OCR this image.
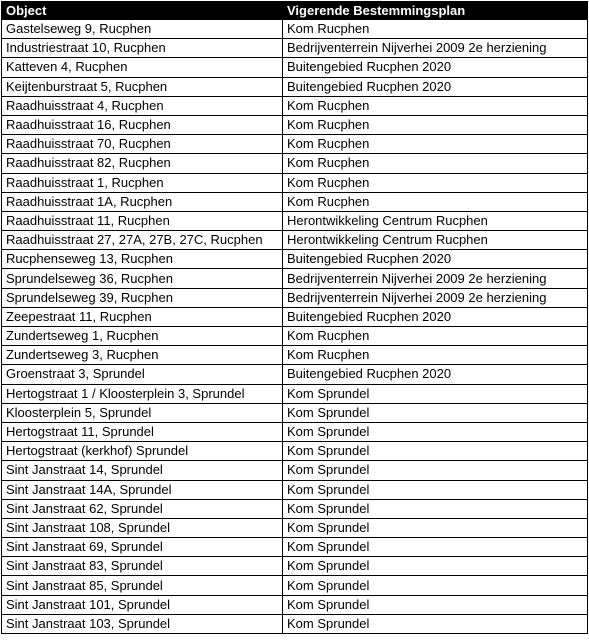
Object	Vigerende Bestemmingsplan
Gastelseweg 9, Rucphen	Kom Rucphen
Industriestraat 10, Rucphen	Bedrijventerrein Nijverhei 2009 2e herziening
Katteven 4, Rucphen	Buitengebied Rucphen 2020
Keijtenburstraat 5, Rucphen	Buitengebied Rucphen 2020
Raadhuisstraat 4, Rucphen	Kom Rucphen
Raadhuisstraat 16, Rucphen	Kom Rucphen
Raadhuisstraat 70, Rucphen	Kom Rucphen
Raadhuisstraat 82, Rucphen	Kom Rucphen
Raadhuisstraat 1, Rucphen	Kom Rucphen
Raadhuisstraat 1A, Rucphen	Kom Rucphen
Raadhuisstraat 11, Rucphen	Herontwikkeling Centrum Rucphen
Raadhuisstraat 27, 27A, 27B, 27C, Rucphen	Herontwikkeling Centrum Rucphen
Rucphenseweg 13, Rucphen	Buitengebied Rucphen 2020
Sprundelseweg 36, Rucphen	Bedrijventerrein Nijverhei 2009 2e herziening
Sprundelseweg 39, Rucphen	Bedrijventerrein Nijverhei 2009 2e herziening
Zeepestraat 11, Rucphen	Buitengebied Rucphen 2020
Zundertseweg 1, Rucphen	Kom Rucphen
Zundertseweg 3, Rucphen	Kom Rucphen
Groenstraat 3, Sprundel	Buitengebied Rucphen 2020
Hertogstraat 1 / Kloosterplein 3, Sprundel	Kom Sprundel
Kloosterplein 5, Sprundel	Kom Sprundel
Hertogstraat 11, Sprundel	Kom Sprundel
Hertogstraat (kerkhof) Sprundel	Kom Sprundel
Sint Janstraat 14, Sprundel	Kom Sprundel
Sint Janstraat 14A, Sprundel	Kom Sprundel
Sint Janstraat 62, Sprundel	Kom Sprundel
Sint Janstraat 108, Sprundel	Kom Sprundel
Sint Janstraat 69, Sprundel	Kom Sprundel
Sint Janstraat 83, Sprundel	Kom Sprundel
Sint Janstraat 85, Sprundel	Kom Sprundel
Sint Janstraat 101, Sprundel	Kom Sprundel
Sint Janstraat 103, Sprundel	Kom Sprundel
